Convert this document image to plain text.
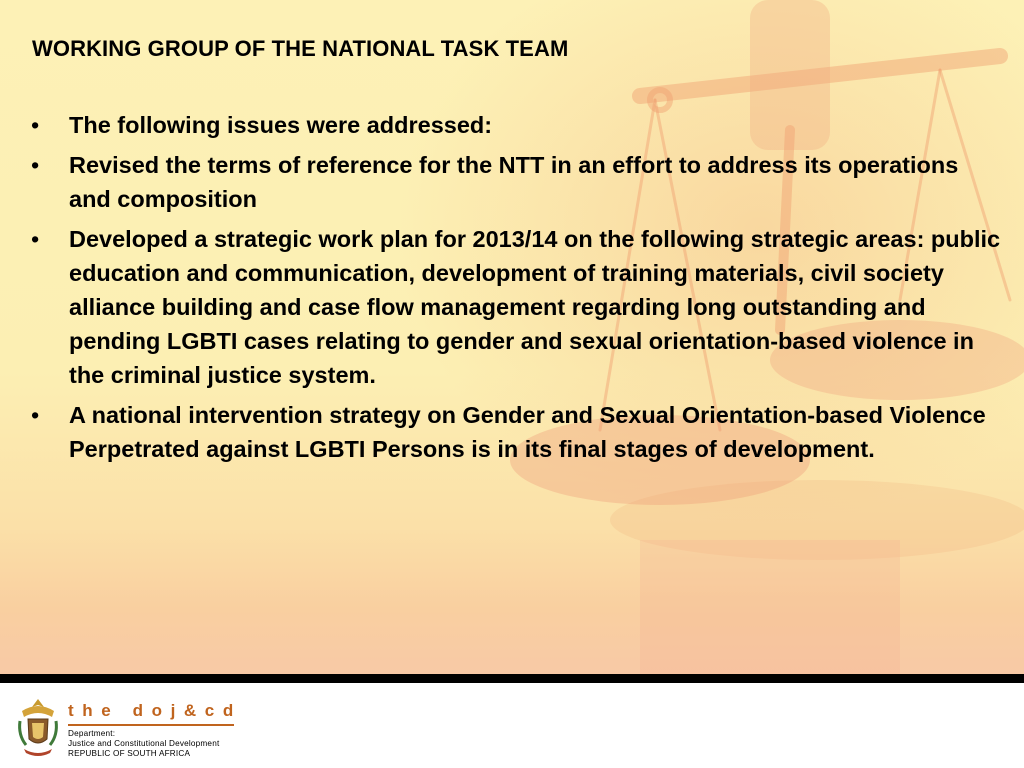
WORKING GROUP OF THE NATIONAL TASK TEAM
• The following issues were addressed:
• Revised the terms of reference for the NTT in an effort to address its operations and composition
• Developed a strategic work plan for 2013/14 on the following strategic areas: public education and communication, development of training materials, civil society alliance building and case flow management regarding long outstanding and pending LGBTI cases relating to gender and sexual orientation-based violence in the criminal justice system.
• A national intervention strategy on Gender and Sexual Orientation-based Violence Perpetrated against LGBTI Persons is in its final stages of development.
the doj&cd
Department:
Justice and Constitutional Development
REPUBLIC OF SOUTH AFRICA
